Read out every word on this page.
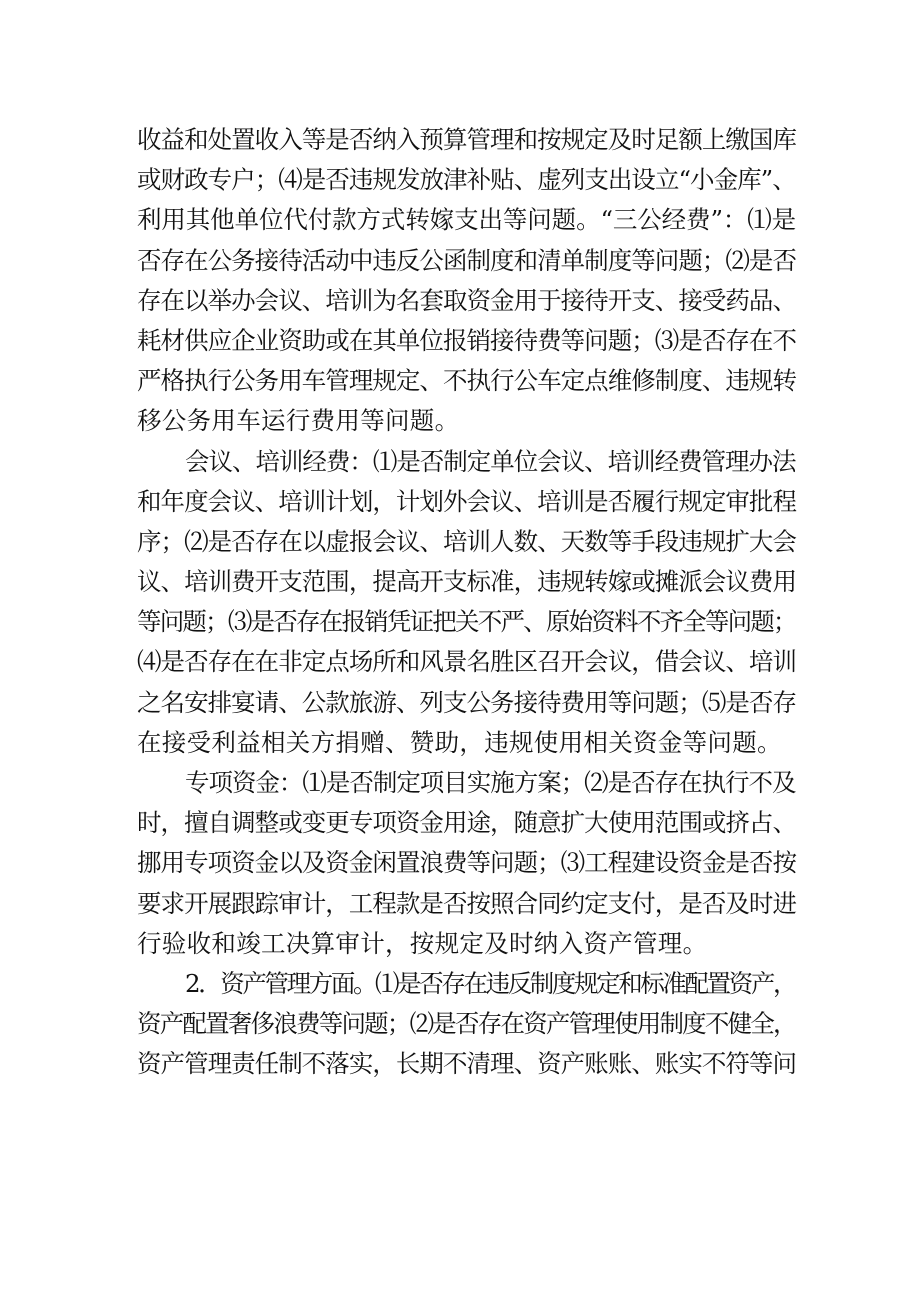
收益和处置收入等是否纳入预算管理和按规定及时足额上缴国库
或财政专户；⑷是否违规发放津补贴、虚列支出设立“小金库”、
利用其他单位代付款方式转嫁支出等问题。“三公经费”：⑴是
否存在公务接待活动中违反公函制度和清单制度等问题；⑵是否
存在以举办会议、培训为名套取资金用于接待开支、接受药品、
耗材供应企业资助或在其单位报销接待费等问题；⑶是否存在不
严格执行公务用车管理规定、不执行公车定点维修制度、违规转
移公务用车运行费用等问题。
会议、培训经费：⑴是否制定单位会议、培训经费管理办法
和年度会议、培训计划，计划外会议、培训是否履行规定审批程
序；⑵是否存在以虚报会议、培训人数、天数等手段违规扩大会
议、培训费开支范围，提高开支标准，违规转嫁或摊派会议费用
等问题；⑶是否存在报销凭证把关不严、原始资料不齐全等问题；
⑷是否存在在非定点场所和风景名胜区召开会议，借会议、培训
之名安排宴请、公款旅游、列支公务接待费用等问题；⑸是否存
在接受利益相关方捐赠、赞助，违规使用相关资金等问题。
专项资金：⑴是否制定项目实施方案；⑵是否存在执行不及
时，擅自调整或变更专项资金用途，随意扩大使用范围或挤占、
挪用专项资金以及资金闲置浪费等问题；⑶工程建设资金是否按
要求开展跟踪审计，工程款是否按照合同约定支付，是否及时进
行验收和竣工决算审计，按规定及时纳入资产管理。
2．资产管理方面。⑴是否存在违反制度规定和标准配置资产，
资产配置奢侈浪费等问题；⑵是否存在资产管理使用制度不健全，
资产管理责任制不落实，长期不清理、资产账账、账实不符等问
